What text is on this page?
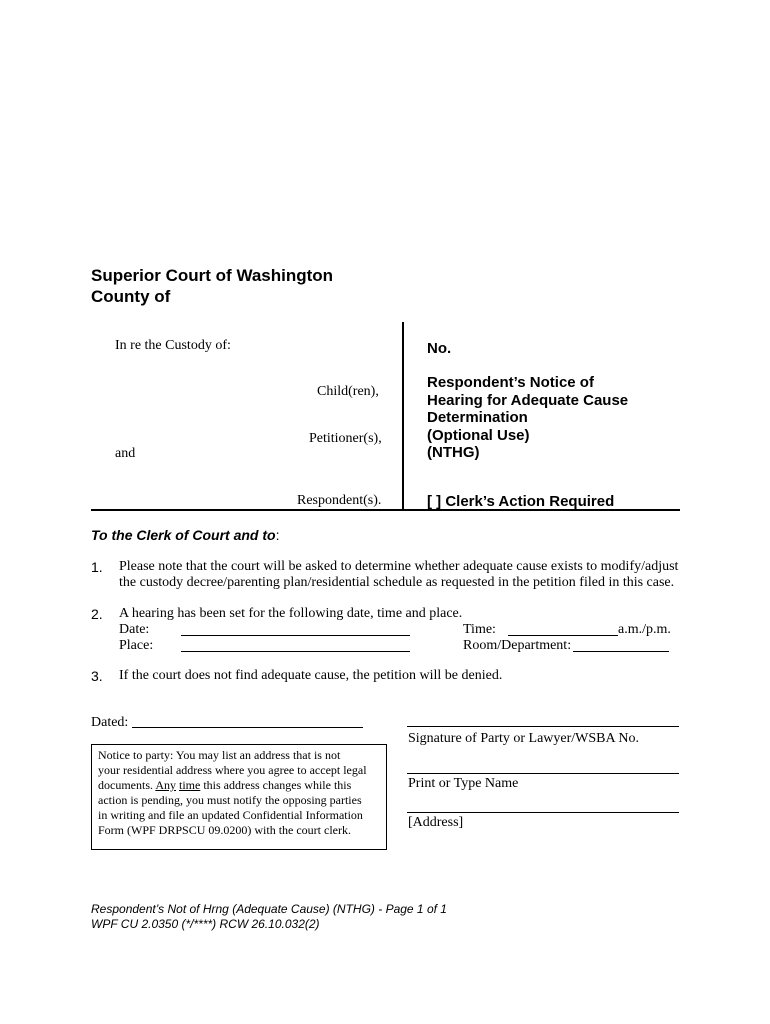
Superior Court of Washington
County of
In re the Custody of:
Child(ren),
Petitioner(s),
and
Respondent(s).
No.
Respondent’s Notice of
Hearing for Adequate Cause
Determination
(Optional Use)
(NTHG)
[ ] Clerk’s Action Required
To the Clerk of Court and to:
1. Please note that the court will be asked to determine whether adequate cause exists to modify/adjust
the custody decree/parenting plan/residential schedule as requested in the petition filed in this case.
2. A hearing has been set for the following date, time and place.
Date:
Place:
Time:	a.m./p.m.
Room/Department:
3. If the court does not find adequate cause, the petition will be denied.
Dated:
Notice to party: You may list an address that is not
your residential address where you agree to accept legal
documents. Any time this address changes while this
action is pending, you must notify the opposing parties
in writing and file an updated Confidential Information
Form (WPF DRPSCU 09.0200) with the court clerk.
Signature of Party or Lawyer/WSBA No.
Print or Type Name
[Address]
Respondent’s Not of Hrng (Adequate Cause) (NTHG) - Page 1 of 1
WPF CU 2.0350 (*/****) RCW 26.10.032(2)
